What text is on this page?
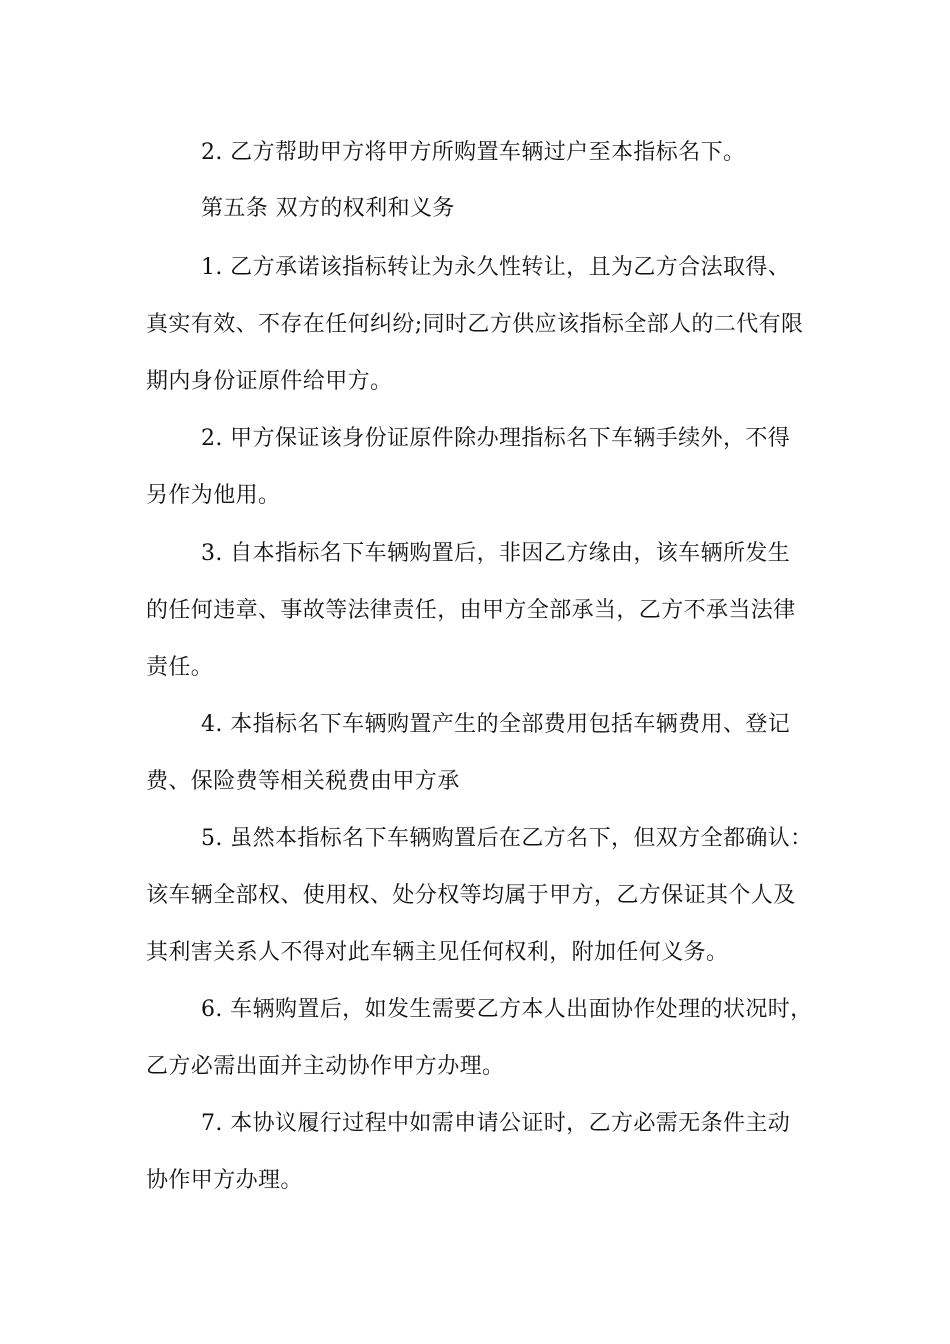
2. 乙方帮助甲方将甲方所购置车辆过户至本指标名下。
第五条 双方的权利和义务
1. 乙方承诺该指标转让为永久性转让，且为乙方合法取得、
真实有效、不存在任何纠纷;同时乙方供应该指标全部人的二代有限
期内身份证原件给甲方。
2. 甲方保证该身份证原件除办理指标名下车辆手续外，不得
另作为他用。
3. 自本指标名下车辆购置后，非因乙方缘由，该车辆所发生
的任何违章、事故等法律责任，由甲方全部承当，乙方不承当法律
责任。
4. 本指标名下车辆购置产生的全部费用包括车辆费用、登记
费、保险费等相关税费由甲方承
5. 虽然本指标名下车辆购置后在乙方名下，但双方全都确认：
该车辆全部权、使用权、处分权等均属于甲方，乙方保证其个人及
其利害关系人不得对此车辆主见任何权利，附加任何义务。
6. 车辆购置后，如发生需要乙方本人出面协作处理的状况时，
乙方必需出面并主动协作甲方办理。
7. 本协议履行过程中如需申请公证时，乙方必需无条件主动
协作甲方办理。
